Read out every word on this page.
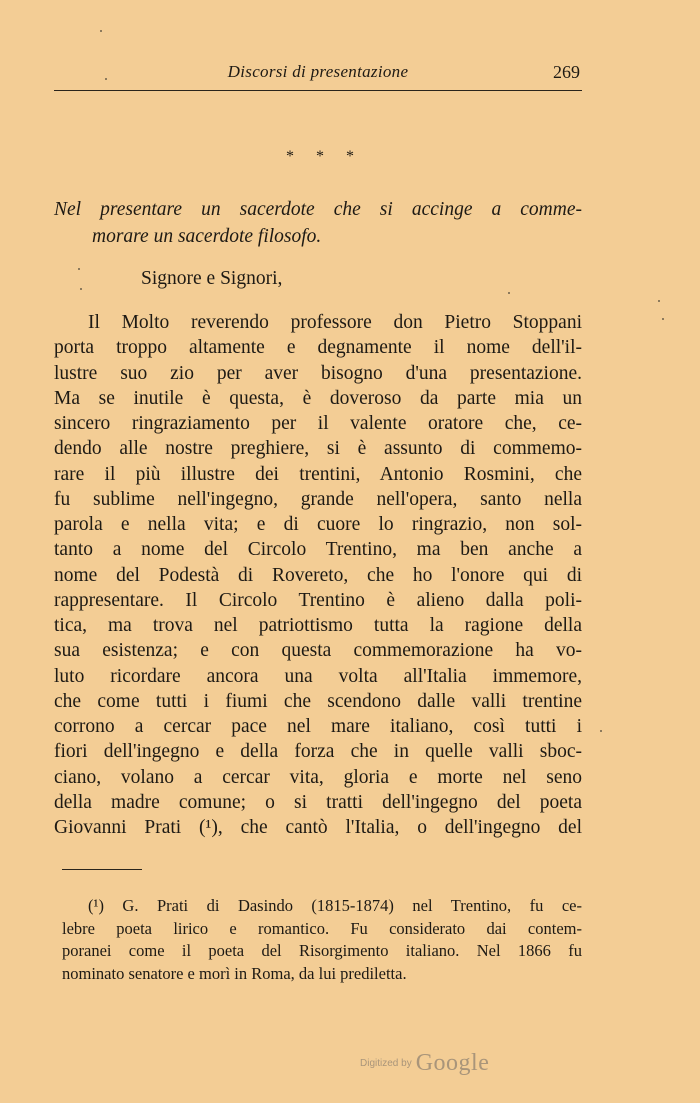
Discorsi di presentazione	269
***
Nel presentare un sacerdote che si accinge a comme-
morare un sacerdote filosofo.
Signore e Signori,
Il Molto reverendo professore don Pietro Stoppani
porta troppo altamente e degnamente il nome dell'il-
lustre suo zio per aver bisogno d'una presentazione.
Ma se inutile è questa, è doveroso da parte mia un
sincero ringraziamento per il valente oratore che, ce-
dendo alle nostre preghiere, si è assunto di commemo-
rare il più illustre dei trentini, Antonio Rosmini, che
fu sublime nell'ingegno, grande nell'opera, santo nella
parola e nella vita; e di cuore lo ringrazio, non sol-
tanto a nome del Circolo Trentino, ma ben anche a
nome del Podestà di Rovereto, che ho l'onore qui di
rappresentare. Il Circolo Trentino è alieno dalla poli-
tica, ma trova nel patriottismo tutta la ragione della
sua esistenza; e con questa commemorazione ha vo-
luto ricordare ancora una volta all'Italia immemore,
che come tutti i fiumi che scendono dalle valli trentine
corrono a cercar pace nel mare italiano, così tutti i
fiori dell'ingegno e della forza che in quelle valli sboc-
ciano, volano a cercar vita, gloria e morte nel seno
della madre comune; o si tratti dell'ingegno del poeta
Giovanni Prati (¹), che cantò l'Italia, o dell'ingegno del
(¹) G. Prati di Dasindo (1815-1874) nel Trentino, fu ce-
lebre poeta lirico e romantico. Fu considerato dai contem-
poranei come il poeta del Risorgimento italiano. Nel 1866 fu
nominato senatore e morì in Roma, da lui prediletta.
Digitized by Google
